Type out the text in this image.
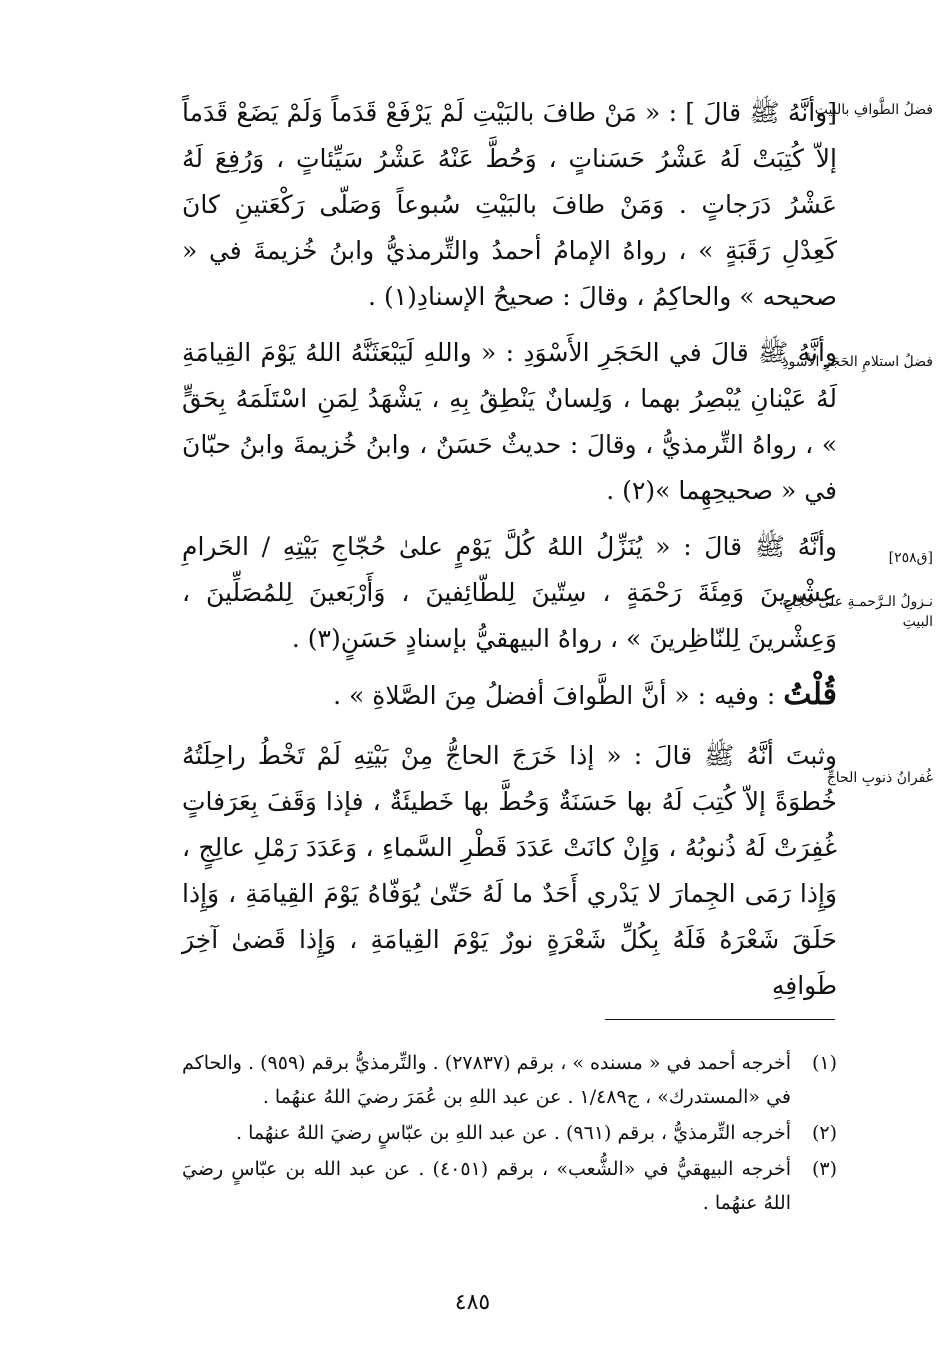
فضلُ الطَّوافِ بالبيتِ
فضلُ استلامِ الحَجَرِ الأسودِ
[ق٢٥٨]
نـزولُ الـرَّحمـةِ علىٰ حُجّاجِ البيتِ
غُفرانُ ذنوبِ الحاجِّ

[وأنَّهُ ﷺ قالَ ] : « مَنْ طافَ بالبَيْتِ لَمْ يَرْفَعْ قَدَماً وَلَمْ يَضَعْ قَدَماً إلاّ كُتِبَتْ لَهُ عَشْرُ حَسَناتٍ ، وَحُطَّ عَنْهُ عَشْرُ سَيِّئاتٍ ، وَرُفِعَ لَهُ عَشْرُ دَرَجاتٍ . وَمَنْ طافَ بالبَيْتِ سُبوعاً وَصَلّى رَكْعَتينِ كانَ كَعِدْلِ رَقَبَةٍ » ، رواهُ الإمامُ أحمدُ والتِّرمذيُّ وابنُ خُزيمةَ في « صحيحه » والحاكِمُ ، وقالَ : صحيحُ الإسنادِ(١) .

وأنَّهُ ﷺ قالَ في الحَجَرِ الأَسْوَدِ : « واللهِ لَيَبْعَثَنَّهُ اللهُ يَوْمَ القِيامَةِ لَهُ عَيْنانِ يُبْصِرُ بهما ، وَلِسانٌ يَنْطِقُ بِهِ ، يَشْهَدُ لِمَنِ اسْتَلَمَهُ بِحَقٍّ » ، رواهُ التِّرمذيُّ ، وقالَ : حديثٌ حَسَنٌ ، وابنُ خُزيمةَ وابنُ حبّانَ في « صحيحِهِما »(٢) .

وأنَّهُ ﷺ قالَ : « يُنَزِّلُ اللهُ كُلَّ يَوْمٍ علىٰ حُجّاجِ بَيْتِهِ / الحَرامِ عِشْرينَ وَمِئَةَ رَحْمَةٍ ، سِتّينَ لِلطّائِفينَ ، وَأَرْبَعينَ لِلمُصَلِّينَ ، وَعِشْرينَ لِلنّاظِرينَ » ، رواهُ البيهقيُّ بإسنادٍ حَسَنٍ(٣) .

قُلْتُ : وفيه : « أنَّ الطَّوافَ أفضلُ مِنَ الصَّلاةِ » .

وثبتَ أنَّهُ ﷺ قالَ : « إذا خَرَجَ الحاجُّ مِنْ بَيْتِهِ لَمْ تَخْطُ راحِلَتُهُ خُطوَةً إلاّ كُتِبَ لَهُ بها حَسَنَةٌ وَحُطَّ بها خَطيئَةٌ ، فإذا وَقَفَ بِعَرَفاتٍ غُفِرَتْ لَهُ ذُنوبُهُ ، وَإِنْ كانَتْ عَدَدَ قَطْرِ السَّماءِ ، وَعَدَدَ رَمْلِ عالِجٍ ، وَإِذا رَمَى الجِمارَ لا يَدْري أَحَدٌ ما لَهُ حَتّىٰ يُوَفّاهُ يَوْمَ القِيامَةِ ، وَإِذا حَلَقَ شَعْرَهُ فَلَهُ بِكُلِّ شَعْرَةٍ نورٌ يَوْمَ القِيامَةِ ، وَإِذا قَضىٰ آخِرَ طَوافِهِ

(١)
أخرجه أحمد في « مسنده » ، برقم (٢٧٨٣٧) . والتِّرمذيُّ برقم (٩٥٩) . والحاكم في «المستدرك» ، ج١/٤٨٩ . عن عبد اللهِ بن عُمَرَ رضيَ اللهُ عنهُما .
(٢)
أخرجه التِّرمذيُّ ، برقم (٩٦١) . عن عبد اللهِ بن عبّاسٍ رضيَ اللهُ عنهُما .
(٣)
أخرجه البيهقيُّ في «الشُّعب» ، برقم (٤٠٥١) . عن عبد الله بن عبّاسٍ رضيَ اللهُ عنهُما .
٤٨٥
